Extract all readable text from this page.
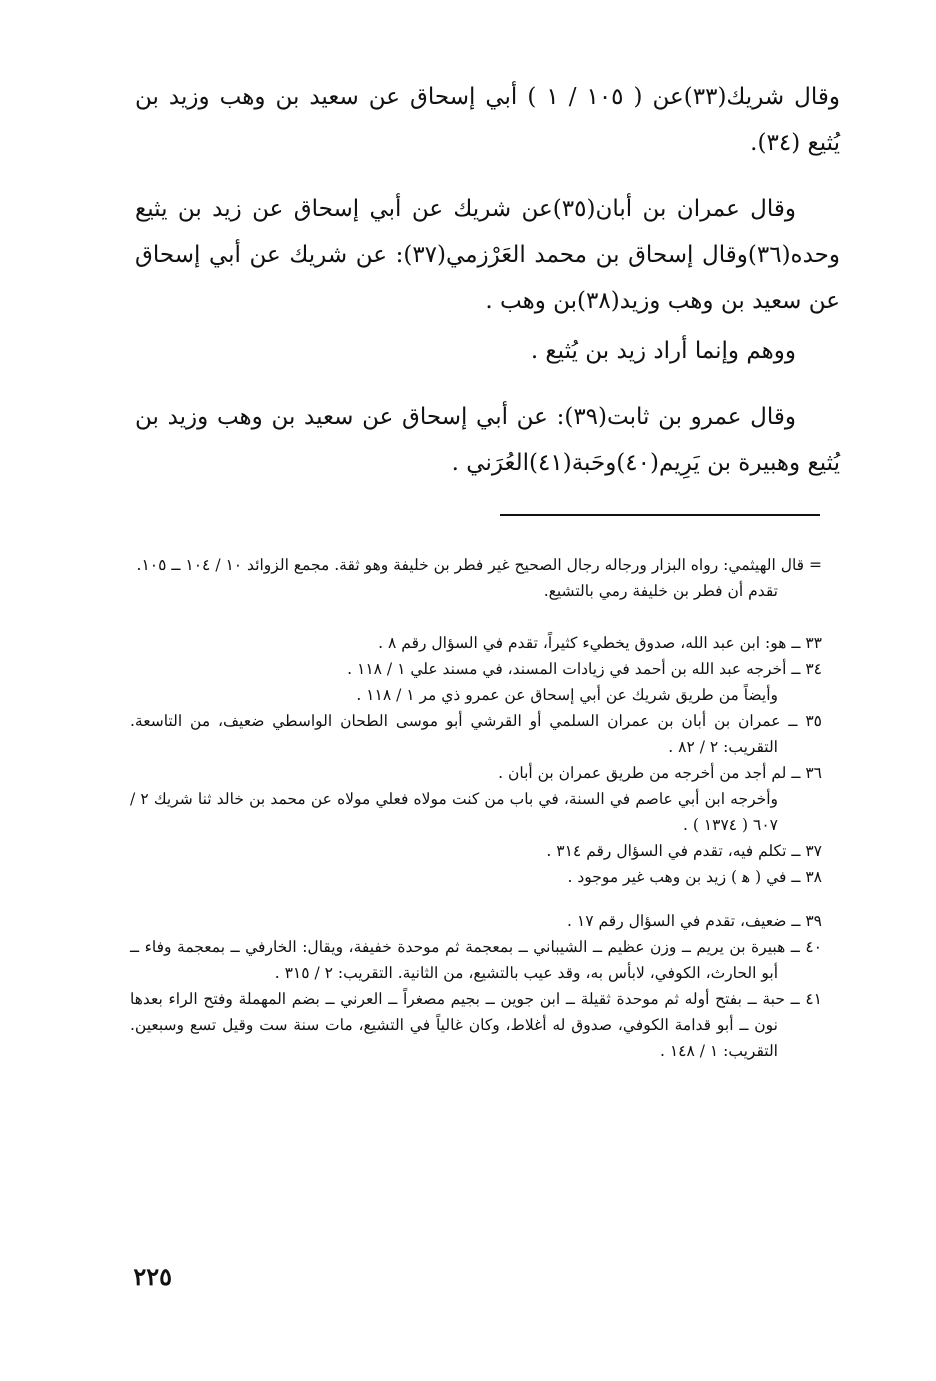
وقال شريك(٣٣)عن ( ١٠٥ / ١ ) أبي إسحاق عن سعيد بن وهب وزيد بن يُثيع (٣٤).

وقال عمران بن أبان(٣٥)عن شريك عن أبي إسحاق عن زيد بن يثيع وحده(٣٦)وقال إسحاق بن محمد العَرْزمي(٣٧): عن شريك عن أبي إسحاق عن سعيد بن وهب وزيد(٣٨)بن وهب .

ووهم وإنما أراد زيد بن يُثيع .

وقال عمرو بن ثابت(٣٩): عن أبي إسحاق عن سعيد بن وهب وزيد بن يُثيع وهبيرة بن يَرِيم(٤٠)وحَبة(٤١)العُرَني .

= قال الهيثمي: رواه البزار ورجاله رجال الصحيح غير فطر بن خليفة وهو ثقة. مجمع الزوائد ١٠ / ١٠٤ ــ ١٠٥.

تقدم أن فطر بن خليفة رمي بالتشيع.

٣٣ ــ هو: ابن عبد الله، صدوق يخطيء كثيراً، تقدم في السؤال رقم ٨ .

٣٤ ــ أخرجه عبد الله بن أحمد في زيادات المسند، في مسند علي ١ / ١١٨ .

وأيضاً من طريق شريك عن أبي إسحاق عن عمرو ذي مر ١ / ١١٨ .

٣٥ ــ عمران بن أبان بن عمران السلمي أو القرشي أبو موسى الطحان الواسطي ضعيف، من التاسعة. التقريب: ٢ / ٨٢ .

٣٦ ــ لم أجد من أخرجه من طريق عمران بن أبان .

وأخرجه ابن أبي عاصم في السنة، في باب من كنت مولاه فعلي مولاه عن محمد بن خالد ثنا شريك ٢ / ٦٠٧ ( ١٣٧٤ ) .

٣٧ ــ تكلم فيه، تقدم في السؤال رقم ٣١٤ .

٣٨ ــ في ( ﻫ ) زيد بن وهب غير موجود .

٣٩ ــ ضعيف، تقدم في السؤال رقم ١٧ .

٤٠ ــ هبيرة بن يريم ــ وزن عظيم ــ الشيباني ــ بمعجمة ثم موحدة خفيفة، ويقال: الخارفي ــ بمعجمة وفاء ــ أبو الحارث، الكوفي، لابأس به، وقد عيب بالتشيع، من الثانية. التقريب: ٢ / ٣١٥ .

٤١ ــ حبة ــ بفتح أوله ثم موحدة ثقيلة ــ ابن جوين ــ بجيم مصغراً ــ العرني ــ بضم المهملة وفتح الراء بعدها نون ــ أبو قدامة الكوفي، صدوق له أغلاط، وكان غالياً في التشيع، مات سنة ست وقيل تسع وسبعين. التقريب: ١ / ١٤٨ .

٢٢٥
